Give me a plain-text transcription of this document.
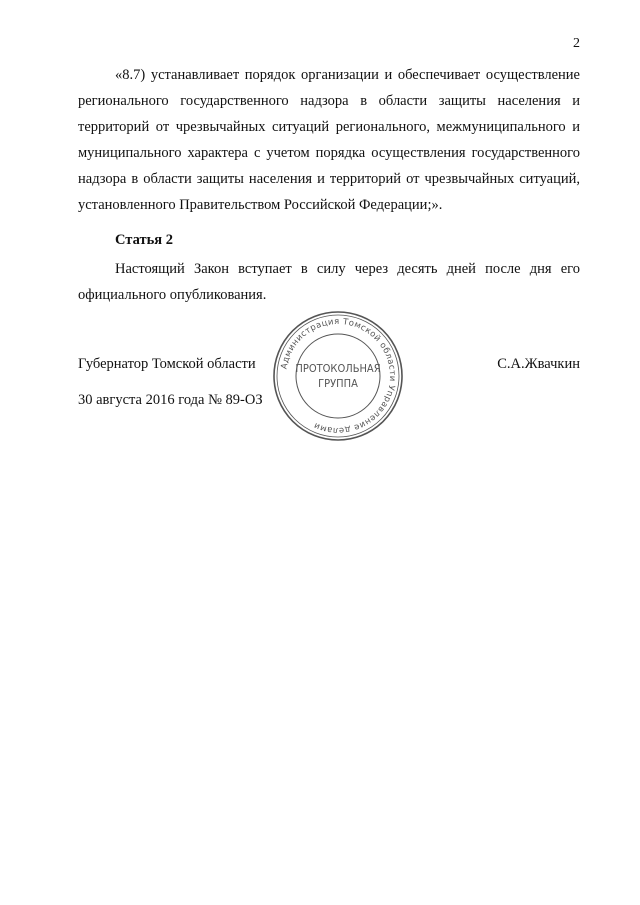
2

«8.7) устанавливает порядок организации и обеспечивает осуществление регионального государственного надзора в области защиты населения и территорий от чрезвычайных ситуаций регионального, межмуниципального и муниципального характера с учетом порядка осуществления государственного надзора в области защиты населения и территорий от чрезвычайных ситуаций, установленного Правительством Российской Федерации;».

Статья 2

Настоящий Закон вступает в силу через десять дней после дня его официального опубликования.

Губернатор Томской области	С.А.Жвачкин
30 августа 2016 года № 89-ОЗ
Администрация Томской области Управление делами
ПРОТОКОЛЬНАЯ
ГРУППА
